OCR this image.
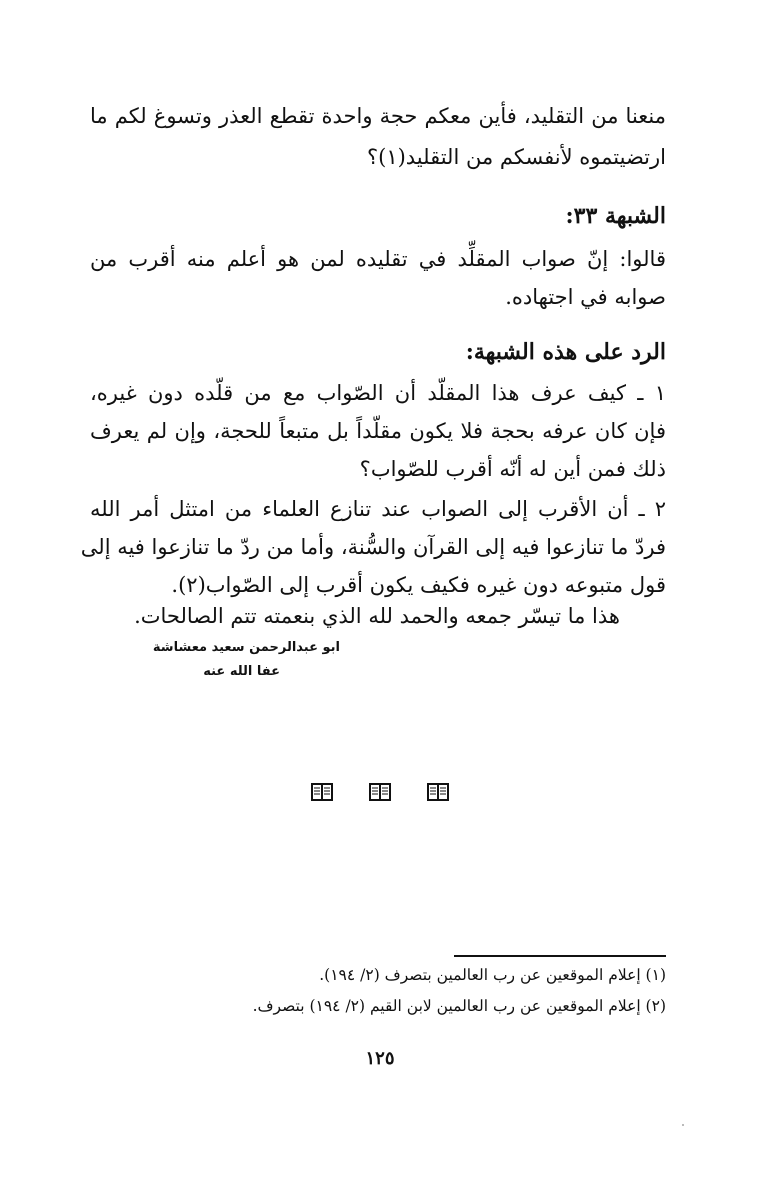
منعنا من التقليد، فأين معكم حجة واحدة تقطع العذر وتسوغ لكم ما
ارتضيتموه لأنفسكم من التقليد(١)؟
الشبهة ٣٣:
قالوا: إنّ صواب المقلِّد في تقليده لمن هو أعلم منه أقرب من
صوابه في اجتهاده.
الرد على هذه الشبهة:
١ ـ كيف عرف هذا المقلّد أن الصّواب مع من قلّده دون غيره،
فإن كان عرفه بحجة فلا يكون مقلّداً بل متبعاً للحجة، وإن لم يعرف
ذلك فمن أين له أنّه أقرب للصّواب؟
٢ ـ أن الأقرب إلى الصواب عند تنازع العلماء من امتثل أمر الله
فردّ ما تنازعوا فيه إلى القرآن والسُّنة، وأما من ردّ ما تنازعوا فيه إلى
قول متبوعه دون غيره فكيف يكون أقرب إلى الصّواب(٢).
هذا ما تيسّر جمعه والحمد لله الذي بنعمته تتم الصالحات.
ابو عبدالرحمن سعيد معشاشة
عفا الله عنه
(١) إعلام الموقعين عن رب العالمين بتصرف (٢/ ١٩٤).
(٢) إعلام الموقعين عن رب العالمين لابن القيم (٢/ ١٩٤) بتصرف.
١٢٥
